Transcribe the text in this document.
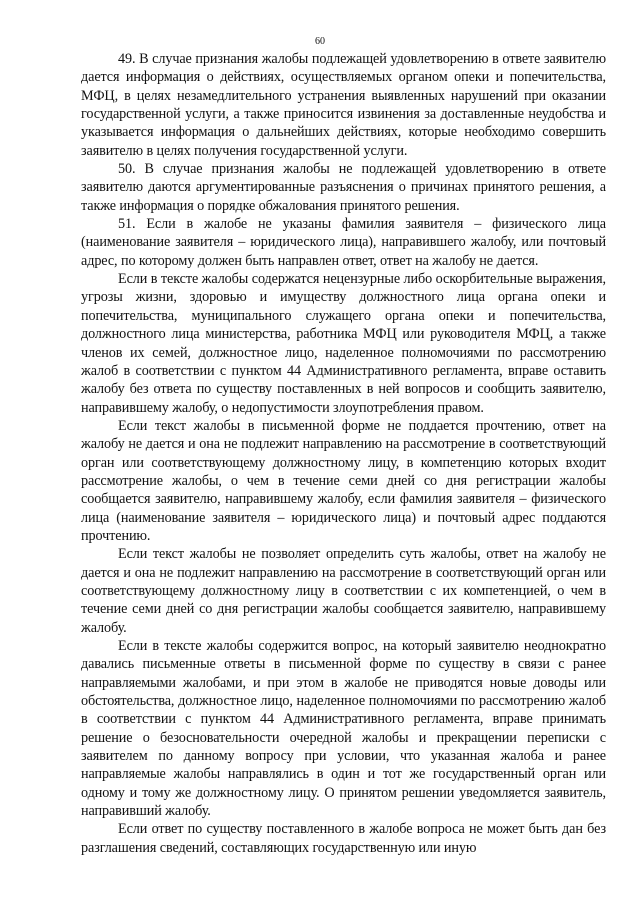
60

49. В случае признания жалобы подлежащей удовлетворению в ответе заявителю дается информация о действиях, осуществляемых органом опеки и попечительства, МФЦ, в целях незамедлительного устранения выявленных нарушений при оказании государственной услуги, а также приносится извинения за доставленные неудобства и указывается информация о дальнейших действиях, которые необходимо совершить заявителю в целях получения государственной услуги.

50. В случае признания жалобы не подлежащей удовлетворению в ответе заявителю даются аргументированные разъяснения о причинах принятого решения, а также информация о порядке обжалования принятого решения.

51. Если в жалобе не указаны фамилия заявителя – физического лица (наименование заявителя – юридического лица), направившего жалобу, или почтовый адрес, по которому должен быть направлен ответ, ответ на жалобу не дается.

Если в тексте жалобы содержатся нецензурные либо оскорбительные выражения, угрозы жизни, здоровью и имуществу должностного лица органа опеки и попечительства, муниципального служащего органа опеки и попечительства, должностного лица министерства, работника МФЦ или руководителя МФЦ, а также членов их семей, должностное лицо, наделенное полномочиями по рассмотрению жалоб в соответствии с пунктом 44 Административного регламента, вправе оставить жалобу без ответа по существу поставленных в ней вопросов и сообщить заявителю, направившему жалобу, о недопустимости злоупотребления правом.

Если текст жалобы в письменной форме не поддается прочтению, ответ на жалобу не дается и она не подлежит направлению на рассмотрение в соответствующий орган или соответствующему должностному лицу, в компетенцию которых входит рассмотрение жалобы, о чем в течение семи дней со дня регистрации жалобы сообщается заявителю, направившему жалобу, если фамилия заявителя – физического лица (наименование заявителя – юридического лица) и почтовый адрес поддаются прочтению.

Если текст жалобы не позволяет определить суть жалобы, ответ на жалобу не дается и она не подлежит направлению на рассмотрение в соответствующий орган или соответствующему должностному лицу в соответствии с их компетенцией, о чем в течение семи дней со дня регистрации жалобы сообщается заявителю, направившему жалобу.

Если в тексте жалобы содержится вопрос, на который заявителю неоднократно давались письменные ответы в письменной форме по существу в связи с ранее направляемыми жалобами, и при этом в жалобе не приводятся новые доводы или обстоятельства, должностное лицо, наделенное полномочиями по рассмотрению жалоб в соответствии с пунктом 44 Административного регламента, вправе принимать решение о безосновательности очередной жалобы и прекращении переписки с заявителем по данному вопросу при условии, что указанная жалоба и ранее направляемые жалобы направлялись в один и тот же государственный орган или одному и тому же должностному лицу. О принятом решении уведомляется заявитель, направивший жалобу.

Если ответ по существу поставленного в жалобе вопроса не может быть дан без разглашения сведений, составляющих государственную или иную
